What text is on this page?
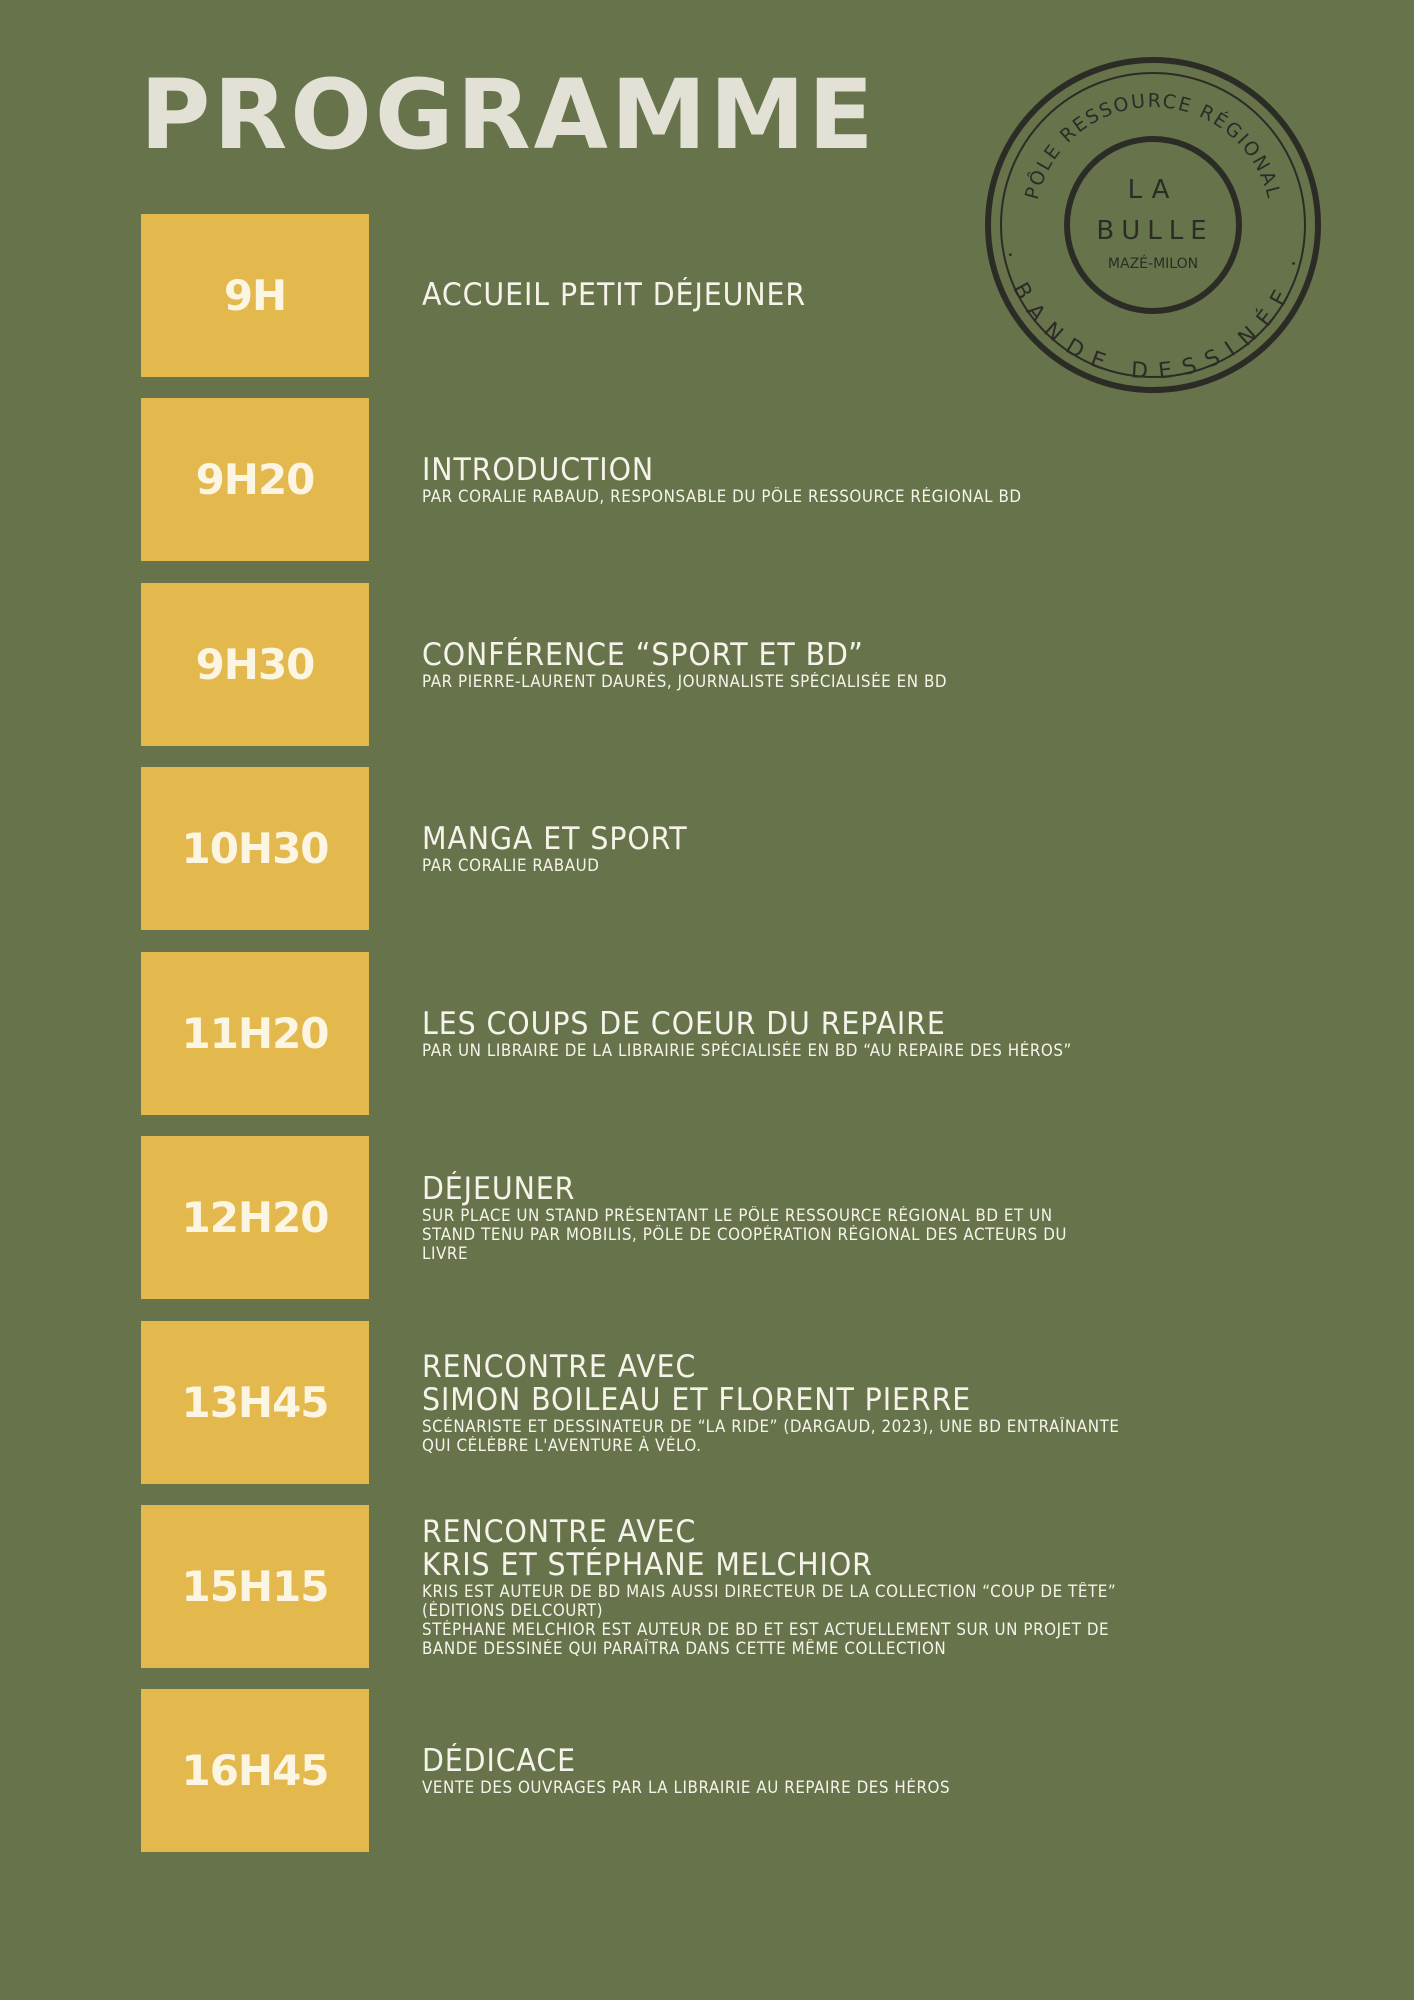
PROGRAMME
PÔLE RESSOURCE RÉGIONAL
· BANDE DESSINÉE ·
LA
BULLE
MAZÉ-MILON
9H	ACCUEIL PETIT DÉJEUNER
9H20	INTRODUCTION
PAR CORALIE RABAUD, RESPONSABLE DU PÔLE RESSOURCE RÉGIONAL BD
9H30	CONFÉRENCE “SPORT ET BD”
PAR PIERRE-LAURENT DAURÈS, JOURNALISTE SPÉCIALISÉE EN BD
10H30	MANGA ET SPORT
PAR CORALIE RABAUD
11H20	LES COUPS DE COEUR DU REPAIRE
PAR UN LIBRAIRE DE LA LIBRAIRIE SPÉCIALISÉE EN BD “AU REPAIRE DES HÉROS”
12H20
DÉJEUNER
SUR PLACE UN STAND PRÉSENTANT LE PÔLE RESSOURCE RÉGIONAL BD ET UN
STAND TENU PAR MOBILIS, PÔLE DE COOPÉRATION RÉGIONAL DES ACTEURS DU
LIVRE
13H45
RENCONTRE AVEC
SIMON BOILEAU ET FLORENT PIERRE
SCÉNARISTE ET DESSINATEUR DE “LA RIDE” (DARGAUD, 2023), UNE BD ENTRAÎNANTE
QUI CÉLÈBRE L'AVENTURE À VÉLO.
15H15
RENCONTRE AVEC
KRIS ET STÉPHANE MELCHIOR
KRIS EST AUTEUR DE BD MAIS AUSSI DIRECTEUR DE LA COLLECTION “COUP DE TÊTE”
(ÉDITIONS DELCOURT)
STÉPHANE MELCHIOR EST AUTEUR DE BD ET EST ACTUELLEMENT SUR UN PROJET DE
BANDE DESSINÉE QUI PARAÎTRA DANS CETTE MÊME COLLECTION
16H45	DÉDICACE
VENTE DES OUVRAGES PAR LA LIBRAIRIE AU REPAIRE DES HÉROS
